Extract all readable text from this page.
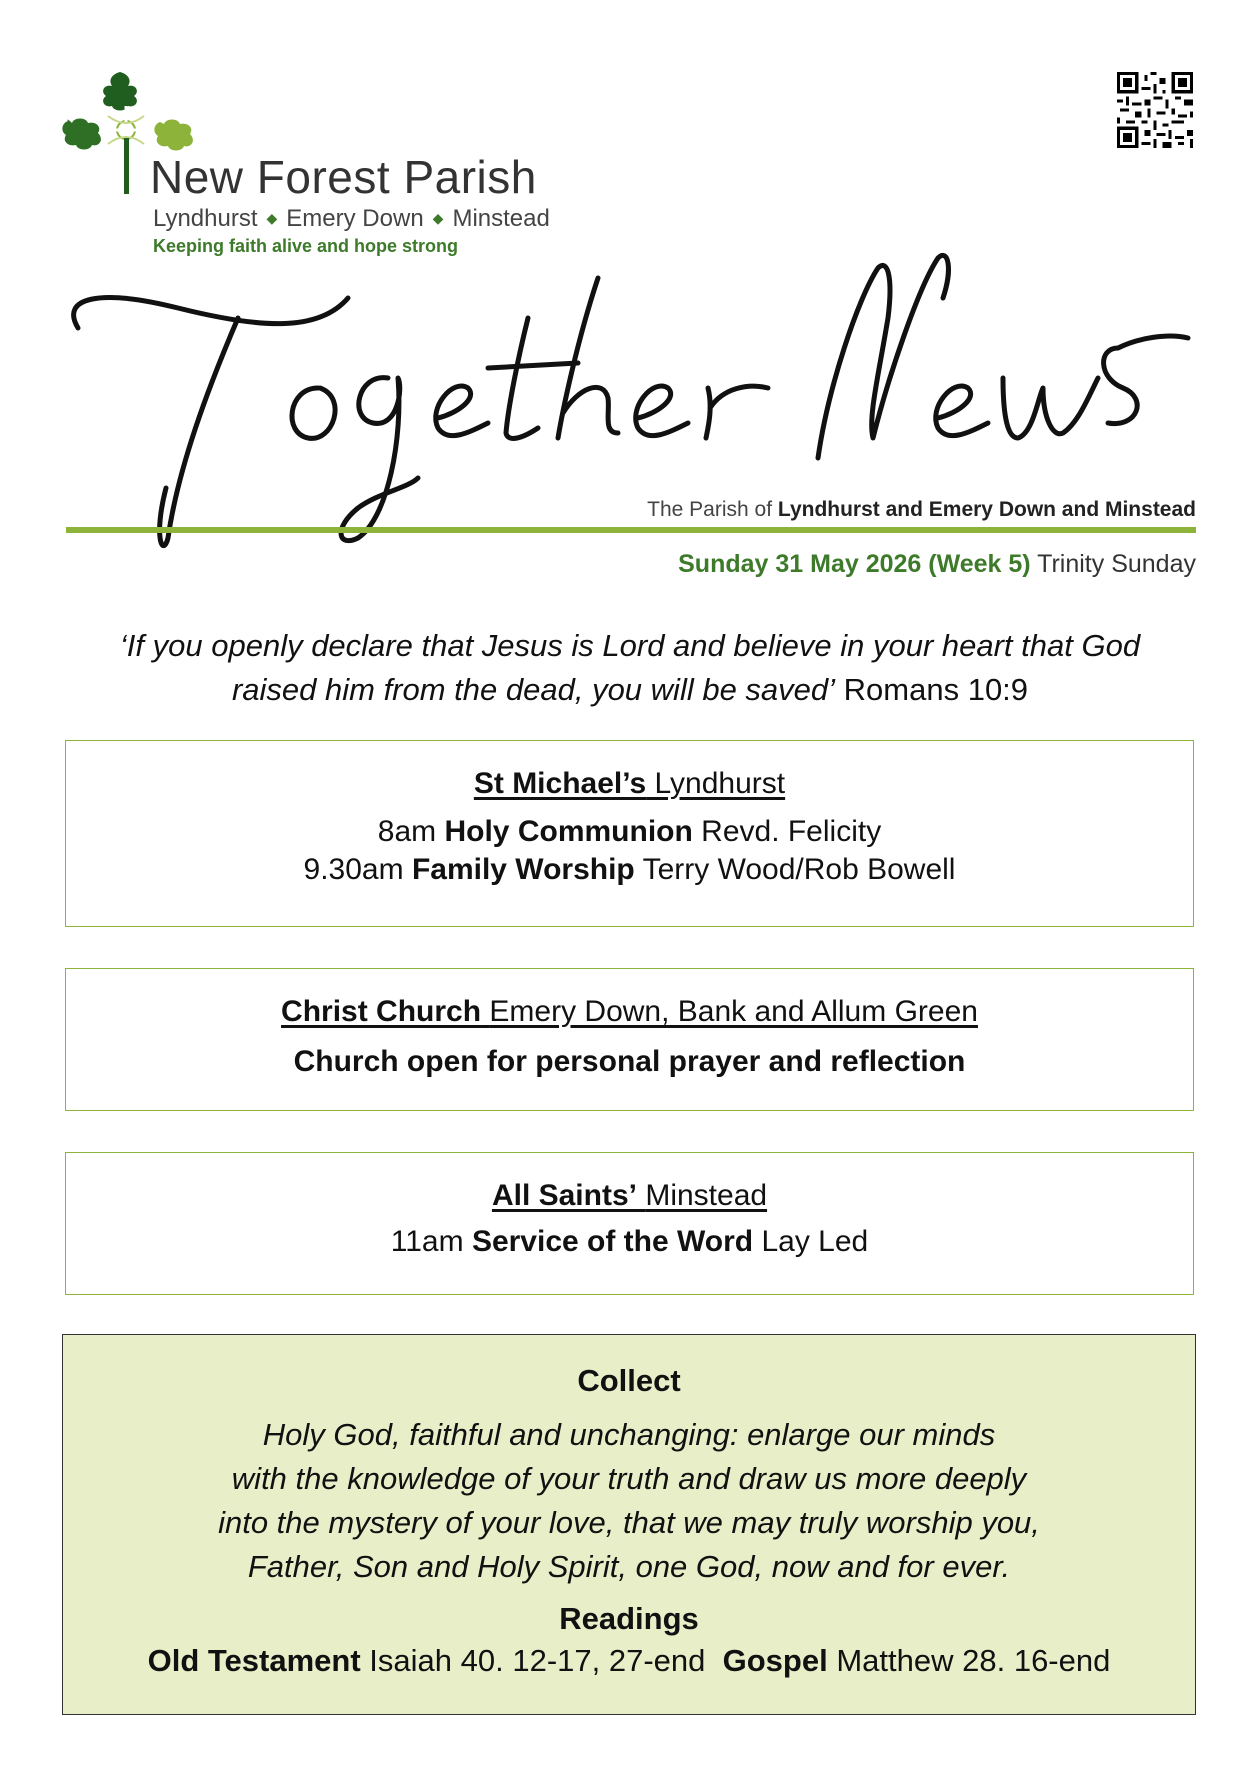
New Forest Parish
Lyndhurst ◆ Emery Down ◆ Minstead
Keeping faith alive and hope strong
The Parish of Lyndhurst and Emery Down and Minstead
Sunday 31 May 2026 (Week 5) Trinity Sunday
‘If you openly declare that Jesus is Lord and believe in your heart that God
raised him from the dead, you will be saved’ Romans 10:9
St Michael’s Lyndhurst
8am Holy Communion Revd. Felicity
9.30am Family Worship Terry Wood/Rob Bowell
Christ Church Emery Down, Bank and Allum Green
Church open for personal prayer and reflection
All Saints’ Minstead
11am Service of the Word Lay Led
Collect
Holy God, faithful and unchanging: enlarge our minds
with the knowledge of your truth and draw us more deeply
into the mystery of your love, that we may truly worship you,
Father, Son and Holy Spirit, one God, now and for ever.
Readings
Old Testament Isaiah 40. 12-17, 27-end Gospel Matthew 28. 16-end
